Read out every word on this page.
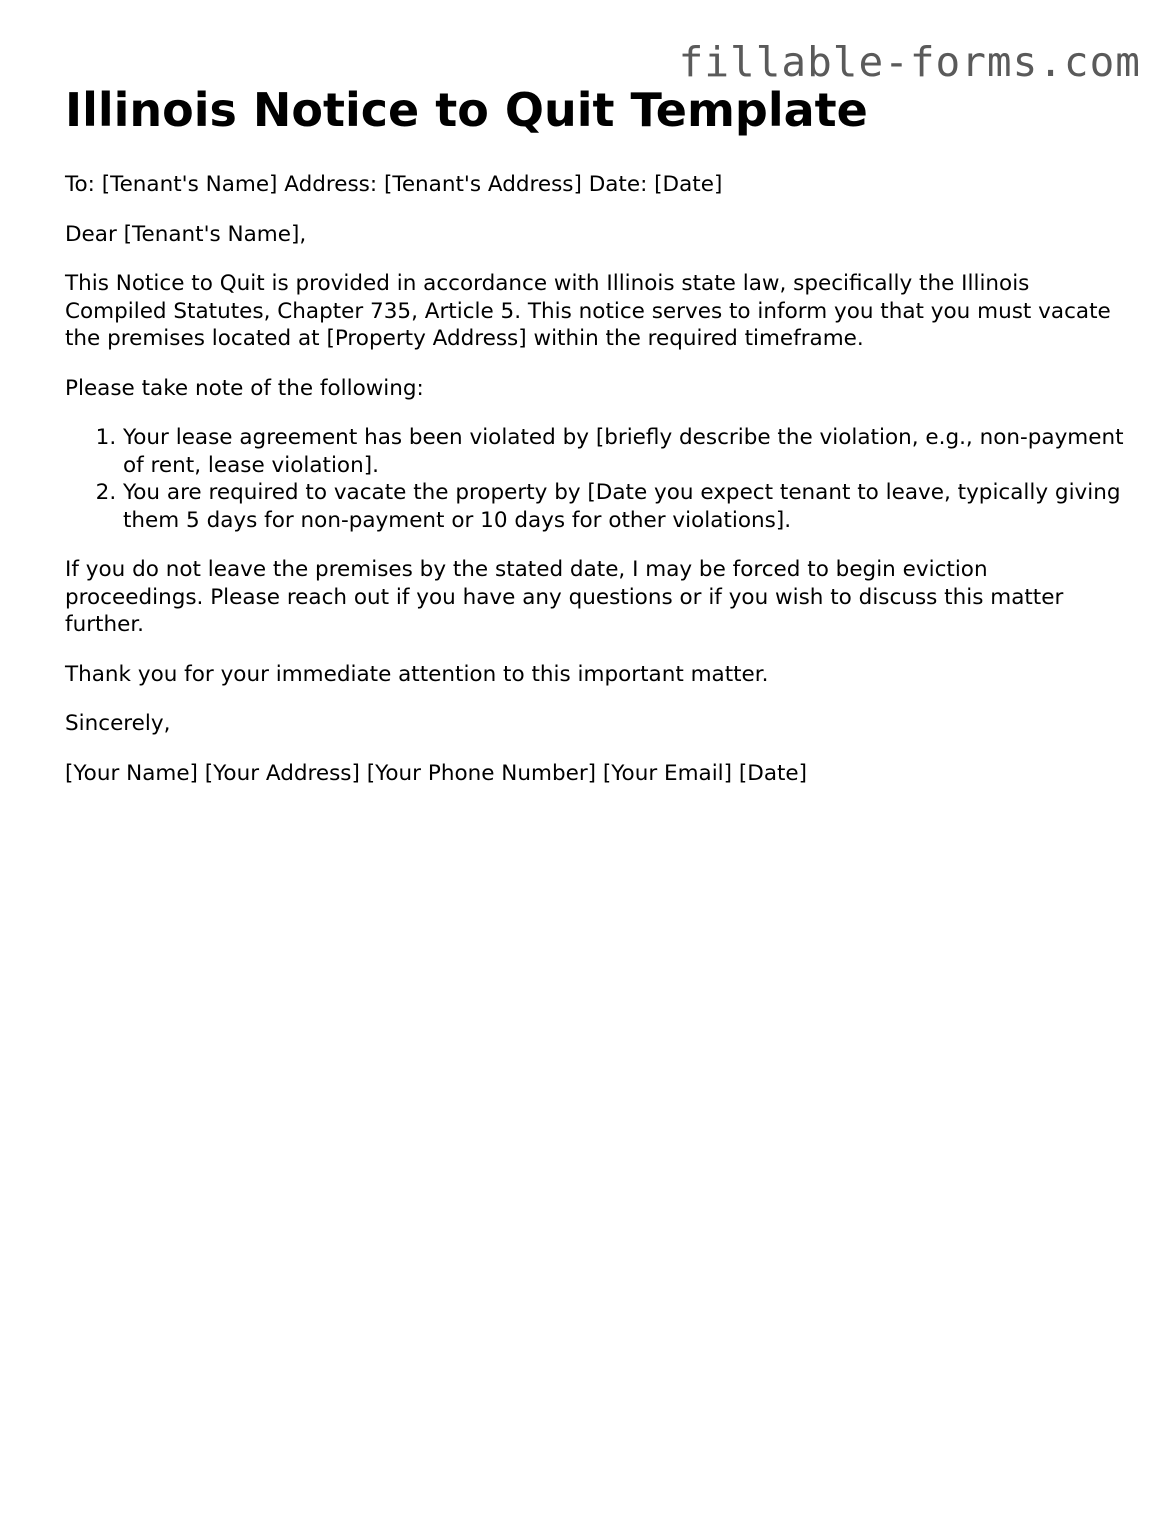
fillable-forms.com
Illinois Notice to Quit Template

To: [Tenant's Name] Address: [Tenant's Address] Date: [Date]

Dear [Tenant's Name],

This Notice to Quit is provided in accordance with Illinois state law, specifically the Illinois Compiled Statutes, Chapter 735, Article 5. This notice serves to inform you that you must vacate the premises located at [Property Address] within the required timeframe.

Please take note of the following:

1. Your lease agreement has been violated by [briefly describe the violation, e.g., non-payment of rent, lease violation].
2. You are required to vacate the property by [Date you expect tenant to leave, typically giving them 5 days for non-payment or 10 days for other violations].

If you do not leave the premises by the stated date, I may be forced to begin eviction proceedings. Please reach out if you have any questions or if you wish to discuss this matter further.

Thank you for your immediate attention to this important matter.

Sincerely,

[Your Name] [Your Address] [Your Phone Number] [Your Email] [Date]
